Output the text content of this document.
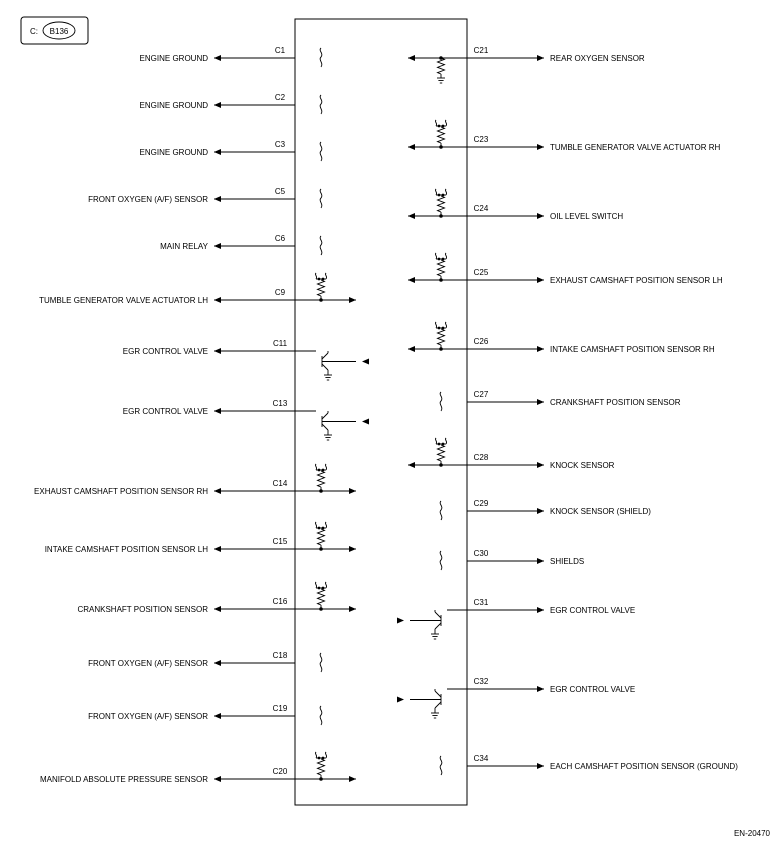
C: B136
ENGINE GROUND
C1
ENGINE GROUND
C2
ENGINE GROUND
C3
FRONT OXYGEN (A/F) SENSOR
C5
MAIN RELAY
C6
TUMBLE GENERATOR VALVE ACTUATOR LH
C9
EGR CONTROL VALVE
C11
EGR CONTROL VALVE
C13
EXHAUST CAMSHAFT POSITION SENSOR RH
C14
INTAKE CAMSHAFT POSITION SENSOR LH
C15
CRANKSHAFT POSITION SENSOR
C16
FRONT OXYGEN (A/F) SENSOR
C18
FRONT OXYGEN (A/F) SENSOR
C19
MANIFOLD ABSOLUTE PRESSURE SENSOR
C20
REAR OXYGEN SENSOR
C21
TUMBLE GENERATOR VALVE ACTUATOR RH
C23
OIL LEVEL SWITCH
C24
EXHAUST CAMSHAFT POSITION SENSOR LH
C25
INTAKE CAMSHAFT POSITION SENSOR RH
C26
CRANKSHAFT POSITION SENSOR
C27
KNOCK SENSOR
C28
KNOCK SENSOR (SHIELD)
C29
SHIELDS
C30
EGR CONTROL VALVE
C31
EGR CONTROL VALVE
C32
EACH CAMSHAFT POSITION SENSOR (GROUND)
C34
EN-20470
